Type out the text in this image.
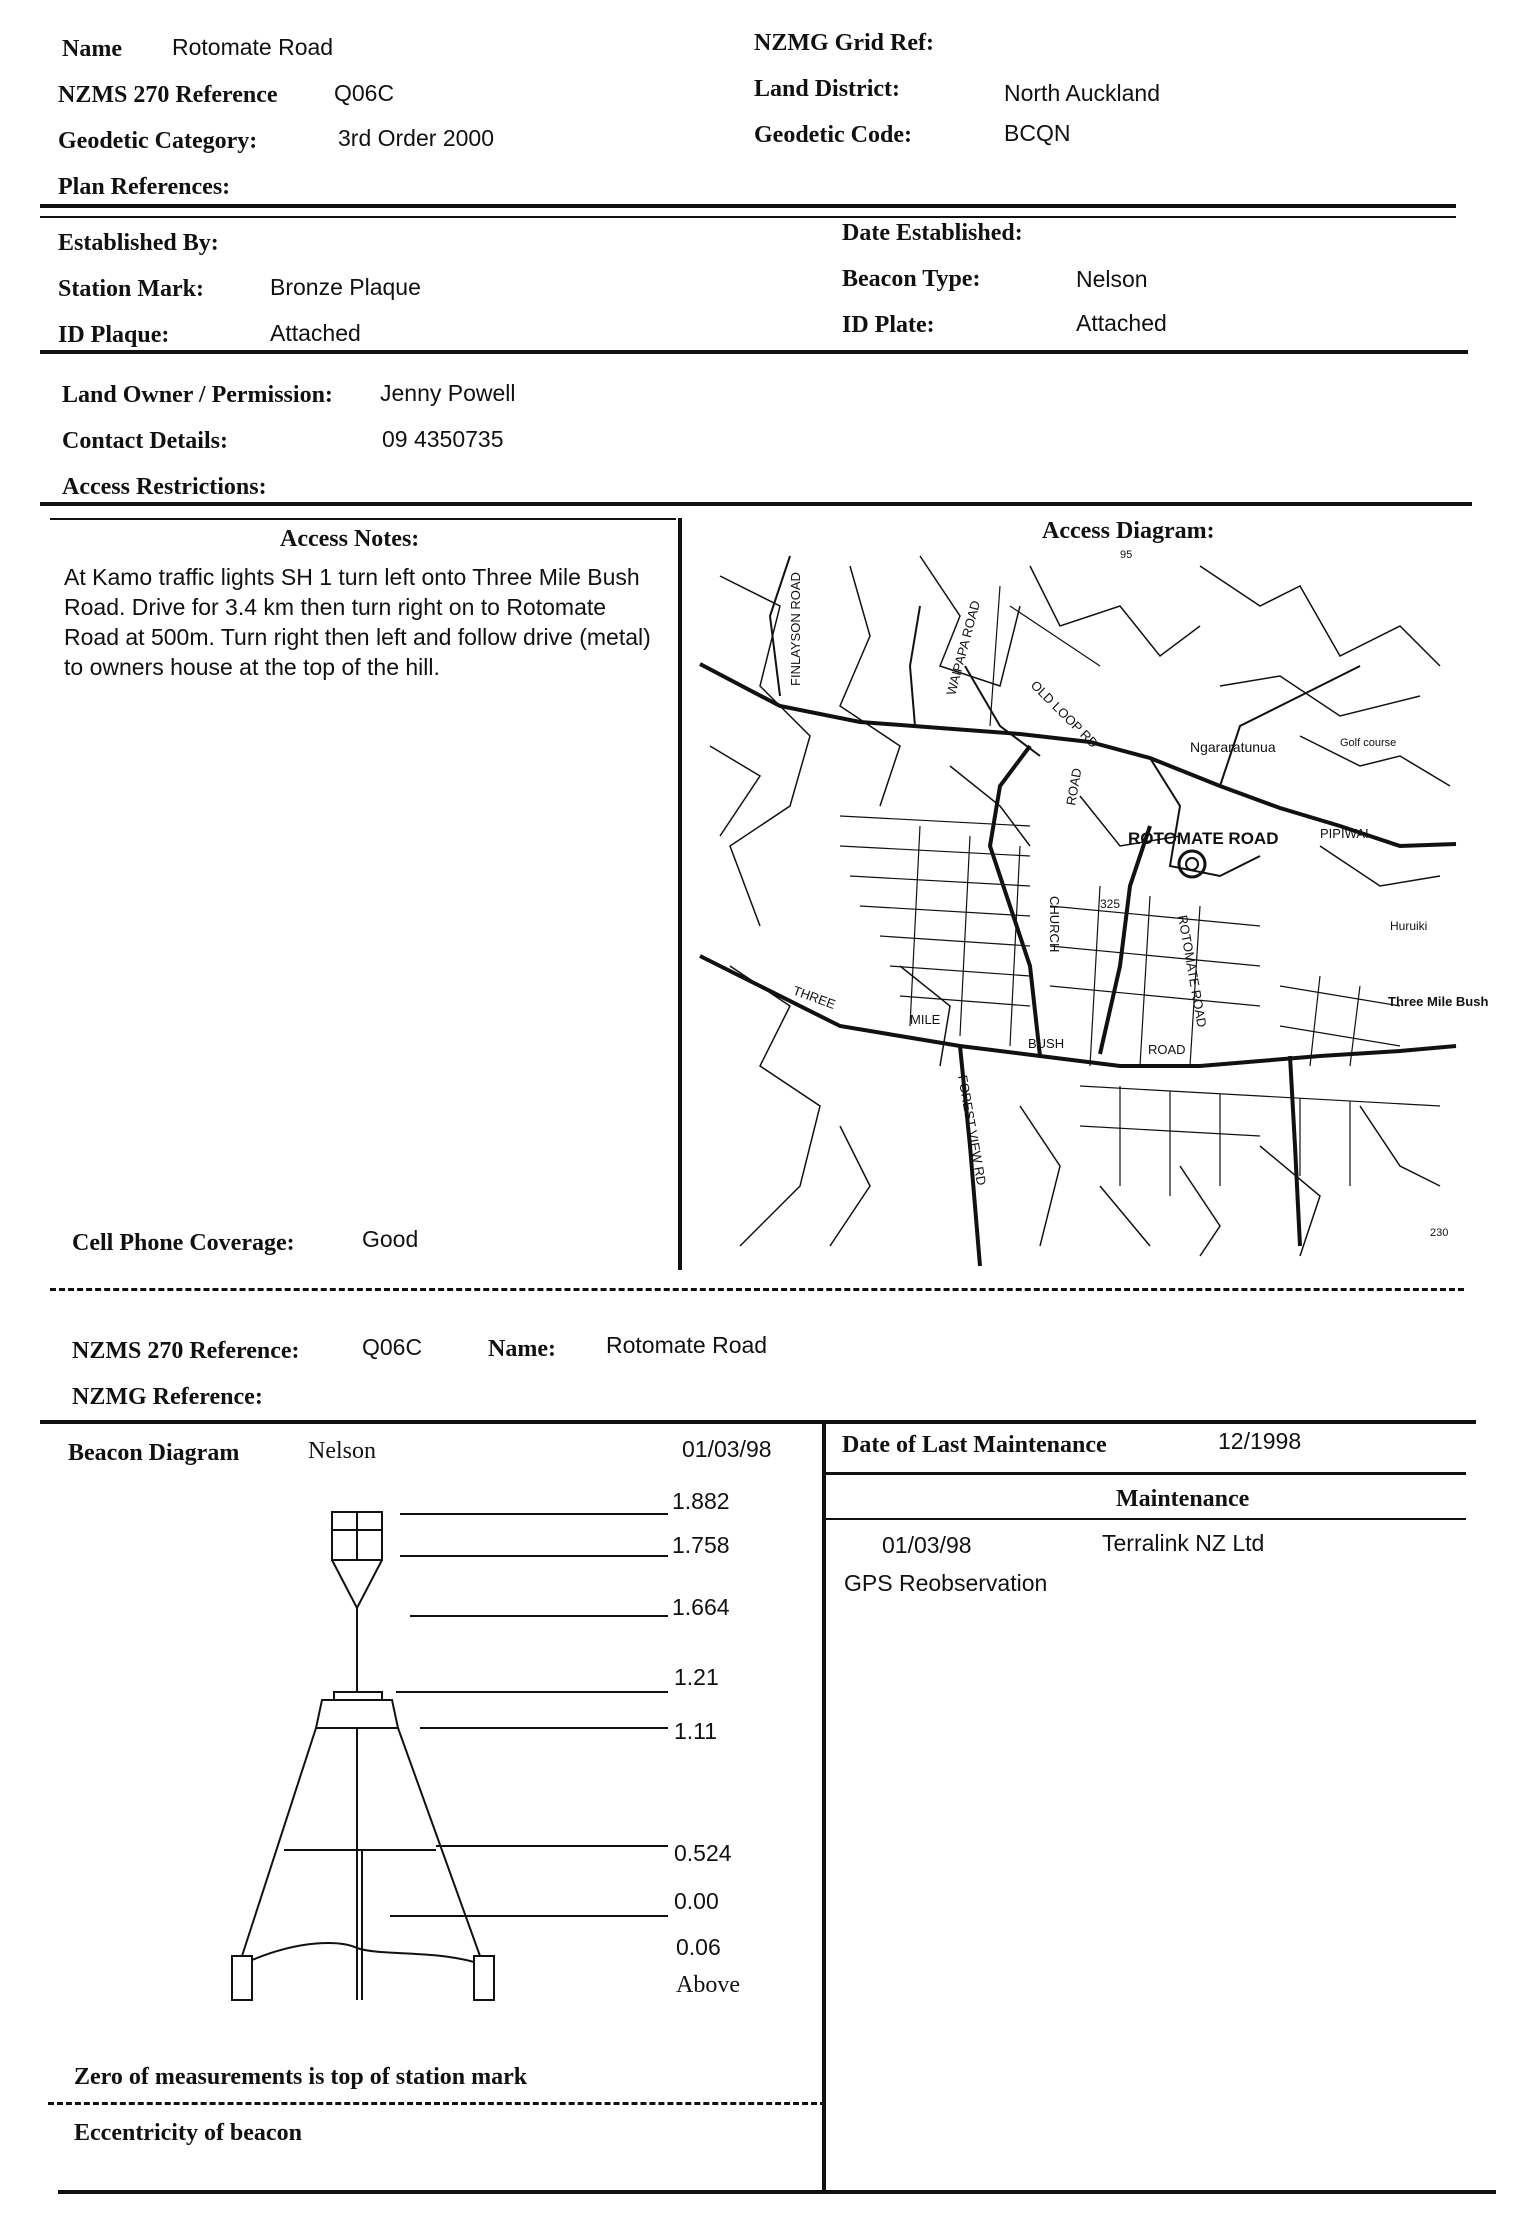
Name Rotomate Road
NZMS 270 Reference Q06C
Geodetic Category:	3rd Order 2000
Plan References:
NZMG Grid Ref:
Land District:	North Auckland
Geodetic Code:	BCQN
Established By:
Station Mark:	Bronze Plaque
ID Plaque:	Attached
Date Established:
Beacon Type:	Nelson
ID Plate:	Attached
Land Owner / Permission: Jenny Powell
Contact Details:	09 4350735
Access Restrictions:
Access Notes:
At Kamo traffic lights SH 1 turn left onto Three Mile Bush Road. Drive for 3.4 km then turn right on to Rotomate Road at 500m. Turn right then left and follow drive (metal) to owners house at the top of the hill.
Cell Phone Coverage:	Good
Access Diagram:
FINLAYSON ROAD	WAIPAPA ROAD
OLD LOOP RD	Ngararatunua	Golf course
ROTOMATE ROAD	PIPIWAI
CHURCH
ROAD
ROTOMATE ROAD
THREE
MILE
BUSH	ROAD
FOREST VIEW RD
Three Mile Bush
Huruiki
325
95
230
NZMS 270 Reference:	Q06C	Name: Rotomate Road
NZMG Reference:
Beacon Diagram	Nelson	01/03/98
1.882
1.758
1.664
1.21
1.11
0.524
0.00
0.06
Above
Zero of measurements is top of station mark
Eccentricity of beacon
Date of Last Maintenance	12/1998
Maintenance
01/03/98	Terralink NZ Ltd
GPS Reobservation
